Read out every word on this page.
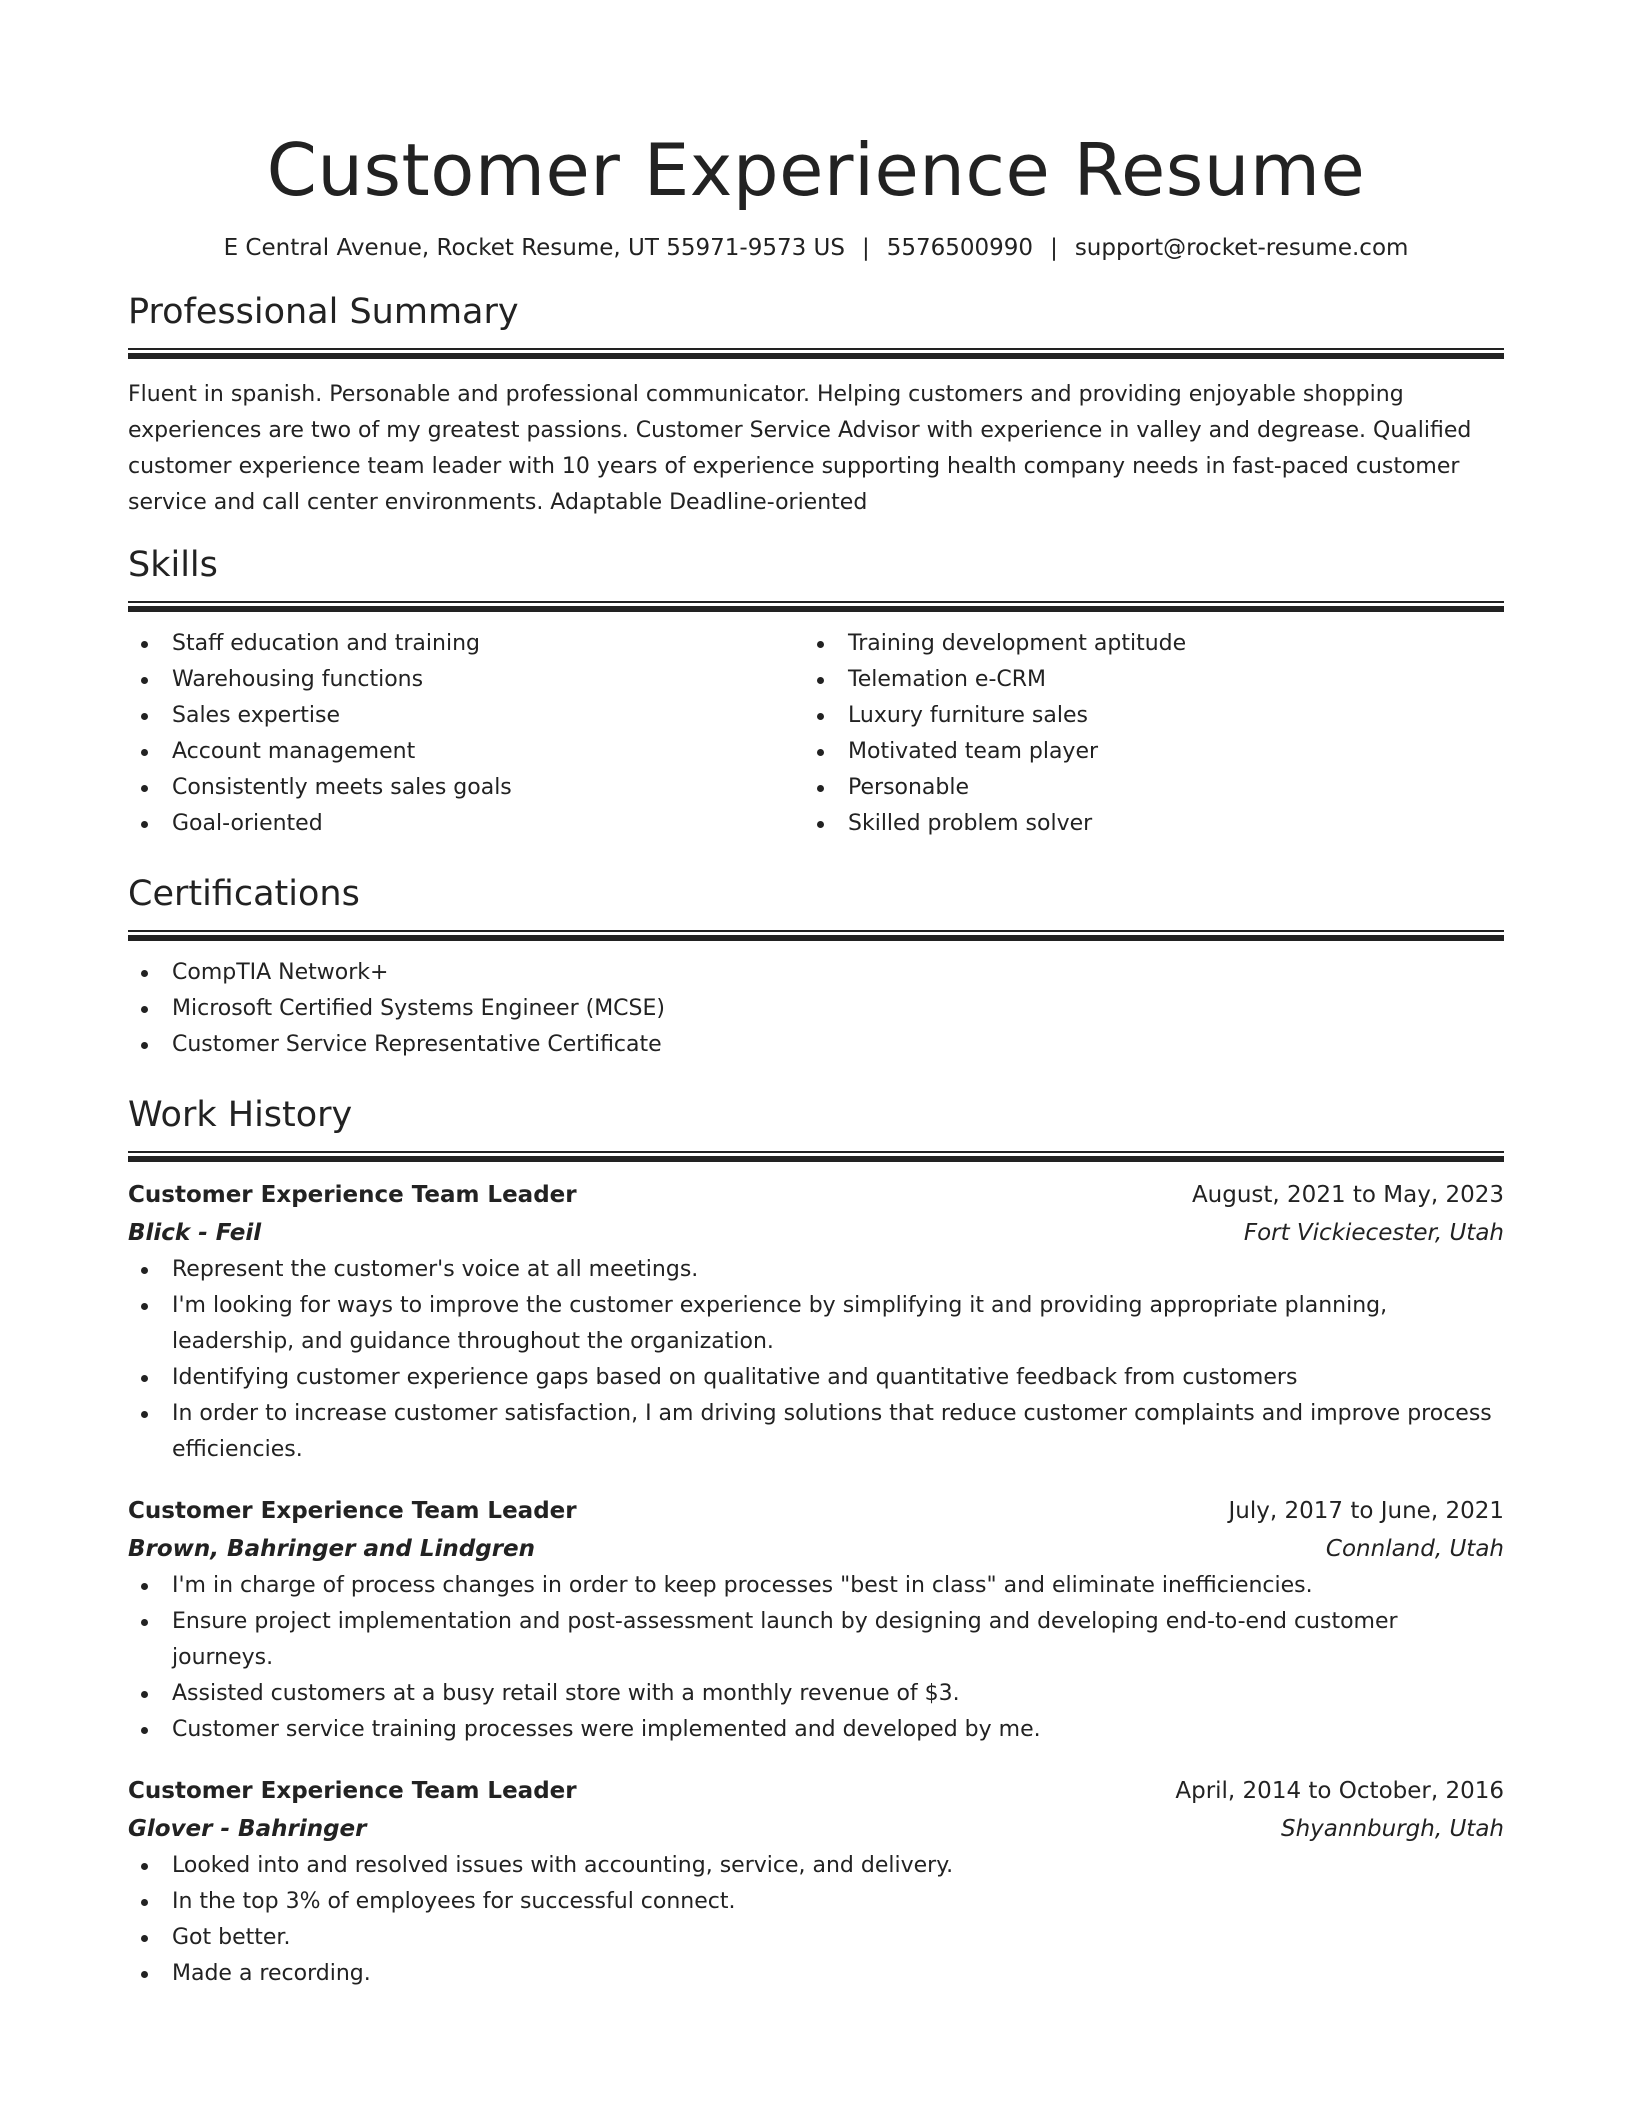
Customer Experience Resume
E Central Avenue, Rocket Resume, UT 55971-9573 US | 5576500990 | support@rocket-resume.com
Professional Summary

Fluent in spanish. Personable and professional communicator. Helping customers and providing enjoyable shopping experiences are two of my greatest passions. Customer Service Advisor with experience in valley and degrease. Qualified customer experience team leader with 10 years of experience supporting health company needs in fast-paced customer service and call center environments. Adaptable Deadline-oriented

Skills
Staff education and training
Warehousing functions
Sales expertise
Account management
Consistently meets sales goals
Goal-oriented
Training development aptitude
Telemation e-CRM
Luxury furniture sales
Motivated team player
Personable
Skilled problem solver
Certifications
CompTIA Network+
Microsoft Certified Systems Engineer (MCSE)
Customer Service Representative Certificate
Work History
Customer Experience Team Leader	August, 2021 to May, 2023
Blick - Feil	Fort Vickiecester, Utah
Represent the customer's voice at all meetings.
I'm looking for ways to improve the customer experience by simplifying it and providing appropriate planning, leadership, and guidance throughout the organization.
Identifying customer experience gaps based on qualitative and quantitative feedback from customers
In order to increase customer satisfaction, I am driving solutions that reduce customer complaints and improve process efficiencies.
Customer Experience Team Leader	July, 2017 to June, 2021
Brown, Bahringer and Lindgren	Connland, Utah
I'm in charge of process changes in order to keep processes "best in class" and eliminate inefficiencies.
Ensure project implementation and post-assessment launch by designing and developing end-to-end customer journeys.
Assisted customers at a busy retail store with a monthly revenue of $3.
Customer service training processes were implemented and developed by me.
Customer Experience Team Leader	April, 2014 to October, 2016
Glover - Bahringer	Shyannburgh, Utah
Looked into and resolved issues with accounting, service, and delivery.
In the top 3% of employees for successful connect.
Got better.
Made a recording.
